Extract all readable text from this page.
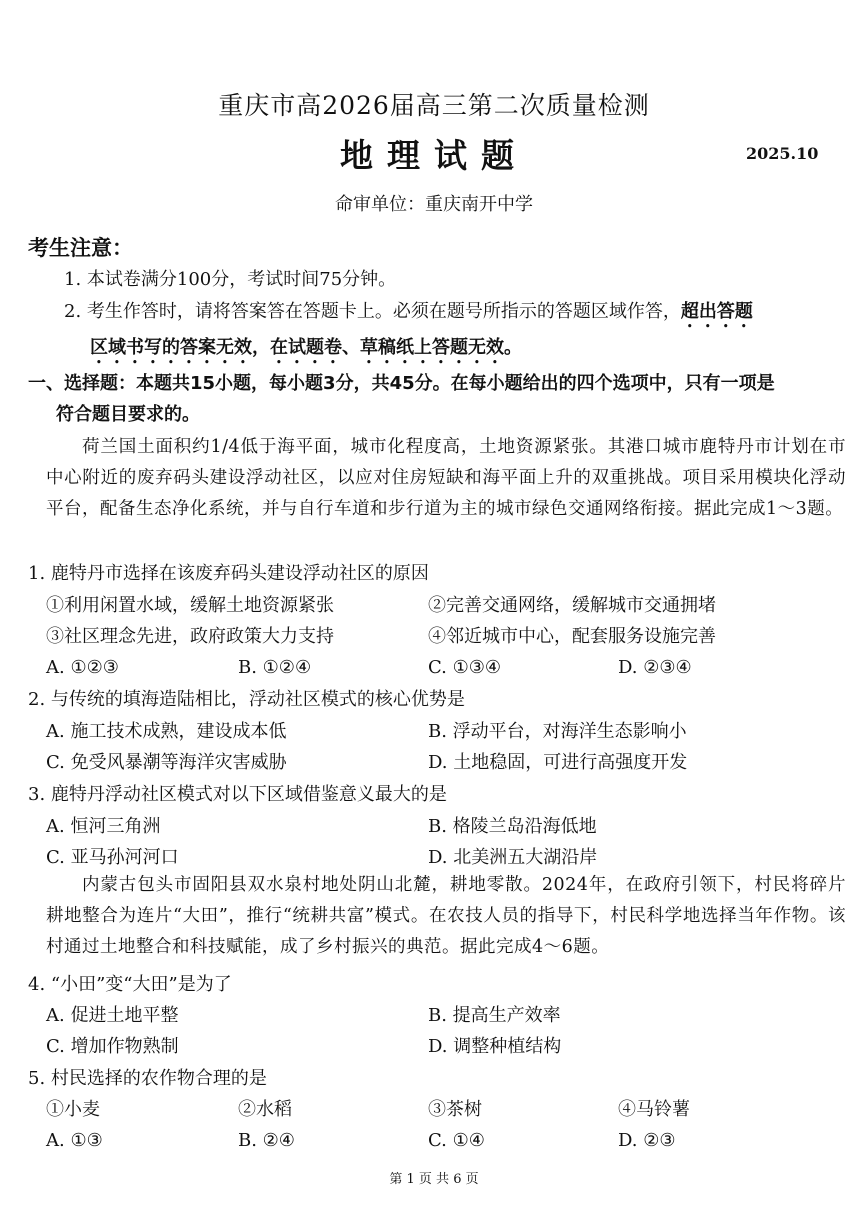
重庆市高2026届高三第二次质量检测
地理试题	2025.10
命审单位：重庆南开中学
考生注意：
1. 本试卷满分100分，考试时间75分钟。
2. 考生作答时，请将答案答在答题卡上。必须在题号所指示的答题区域作答，超出答题
区域书写的答案无效，在试题卷、草稿纸上答题无效。
一、选择题：本题共15小题，每小题3分，共45分。在每小题给出的四个选项中，只有一项是
符合题目要求的。
荷兰国土面积约1/4低于海平面，城市化程度高，土地资源紧张。其港口城市鹿特丹市计划在市中心附近的废弃码头建设浮动社区，以应对住房短缺和海平面上升的双重挑战。项目采用模块化浮动平台，配备生态净化系统，并与自行车道和步行道为主的城市绿色交通网络衔接。据此完成1～3题。
1. 鹿特丹市选择在该废弃码头建设浮动社区的原因
①利用闲置水域，缓解土地资源紧张	②完善交通网络，缓解城市交通拥堵
③社区理念先进，政府政策大力支持	④邻近城市中心，配套服务设施完善
A. ①②③	B. ①②④	C. ①③④	D. ②③④
2. 与传统的填海造陆相比，浮动社区模式的核心优势是
A. 施工技术成熟，建设成本低	B. 浮动平台，对海洋生态影响小
C. 免受风暴潮等海洋灾害威胁	D. 土地稳固，可进行高强度开发
3. 鹿特丹浮动社区模式对以下区域借鉴意义最大的是
A. 恒河三角洲	B. 格陵兰岛沿海低地
C. 亚马孙河河口	D. 北美洲五大湖沿岸
内蒙古包头市固阳县双水泉村地处阴山北麓，耕地零散。2024年，在政府引领下，村民将碎片耕地整合为连片“大田”，推行“统耕共富”模式。在农技人员的指导下，村民科学地选择当年作物。该村通过土地整合和科技赋能，成了乡村振兴的典范。据此完成4～6题。
4. “小田”变“大田”是为了
A. 促进土地平整	B. 提高生产效率
C. 增加作物熟制	D. 调整种植结构
5. 村民选择的农作物合理的是
①小麦	②水稻	③茶树	④马铃薯
A. ①③	B. ②④	C. ①④	D. ②③
第 1 页 共 6 页
